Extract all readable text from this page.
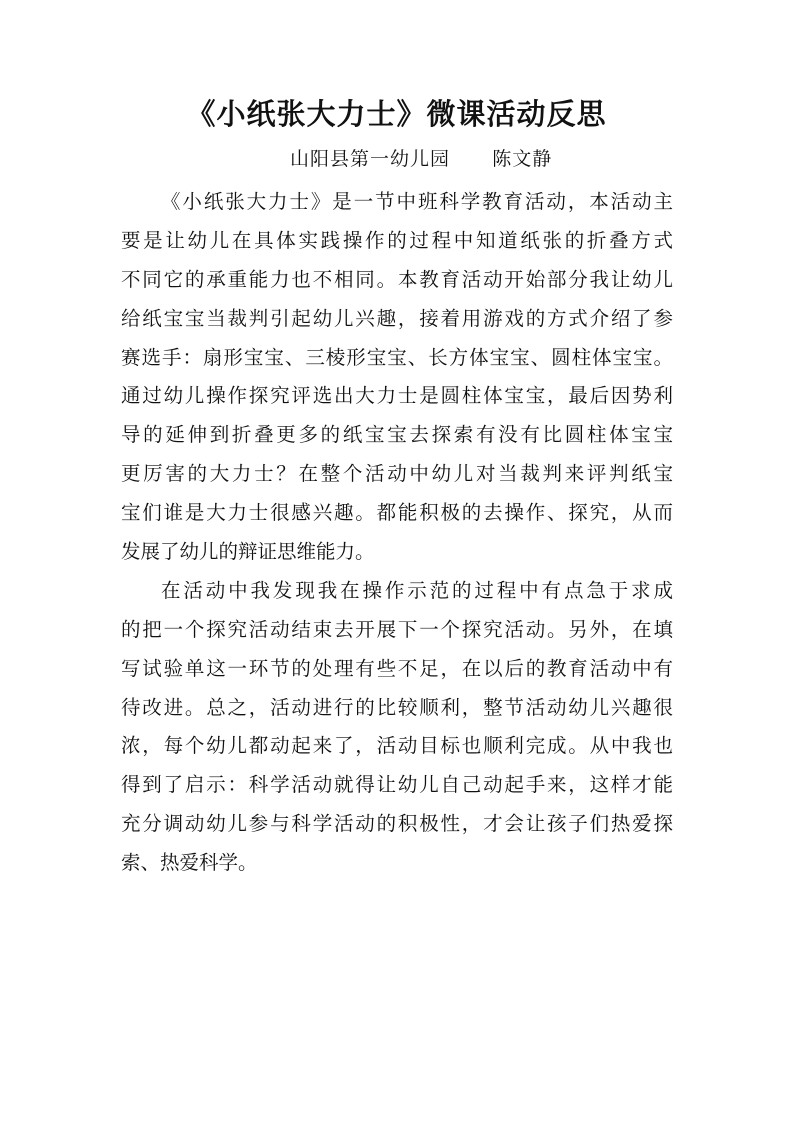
《小纸张大力士》微课活动反思
山阳县第一幼儿园      陈文静
《小纸张大力士》是一节中班科学教育活动，本活动主
要是让幼儿在具体实践操作的过程中知道纸张的折叠方式
不同它的承重能力也不相同。本教育活动开始部分我让幼儿
给纸宝宝当裁判引起幼儿兴趣，接着用游戏的方式介绍了参
赛选手：扇形宝宝、三棱形宝宝、长方体宝宝、圆柱体宝宝。
通过幼儿操作探究评选出大力士是圆柱体宝宝，最后因势利
导的延伸到折叠更多的纸宝宝去探索有没有比圆柱体宝宝
更厉害的大力士？在整个活动中幼儿对当裁判来评判纸宝
宝们谁是大力士很感兴趣。都能积极的去操作、探究，从而
发展了幼儿的辩证思维能力。
在活动中我发现我在操作示范的过程中有点急于求成
的把一个探究活动结束去开展下一个探究活动。另外，在填
写试验单这一环节的处理有些不足，在以后的教育活动中有
待改进。总之，活动进行的比较顺利，整节活动幼儿兴趣很
浓，每个幼儿都动起来了，活动目标也顺利完成。从中我也
得到了启示：科学活动就得让幼儿自己动起手来，这样才能
充分调动幼儿参与科学活动的积极性，才会让孩子们热爱探
索、热爱科学。
